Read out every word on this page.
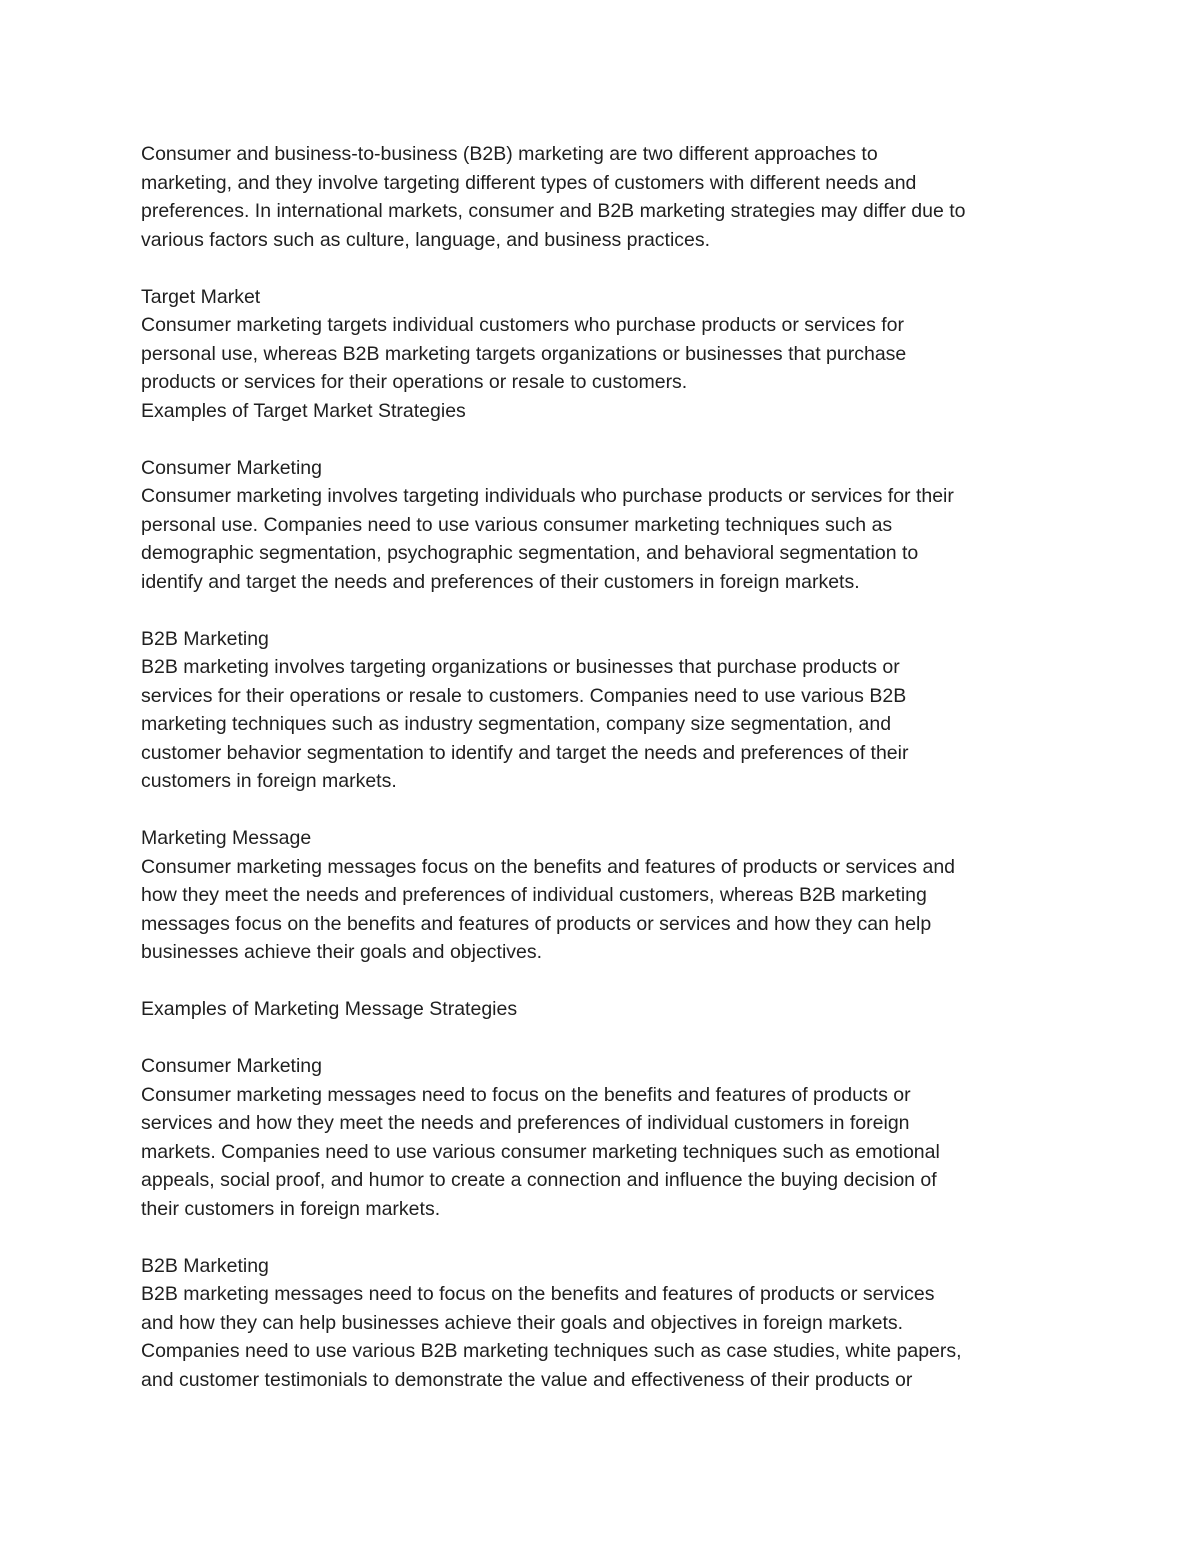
Consumer and business-to-business (B2B) marketing are two different approaches to
marketing, and they involve targeting different types of customers with different needs and
preferences. In international markets, consumer and B2B marketing strategies may differ due to
various factors such as culture, language, and business practices.
Target Market
Consumer marketing targets individual customers who purchase products or services for
personal use, whereas B2B marketing targets organizations or businesses that purchase
products or services for their operations or resale to customers.
Examples of Target Market Strategies
Consumer Marketing
Consumer marketing involves targeting individuals who purchase products or services for their
personal use. Companies need to use various consumer marketing techniques such as
demographic segmentation, psychographic segmentation, and behavioral segmentation to
identify and target the needs and preferences of their customers in foreign markets.
B2B Marketing
B2B marketing involves targeting organizations or businesses that purchase products or
services for their operations or resale to customers. Companies need to use various B2B
marketing techniques such as industry segmentation, company size segmentation, and
customer behavior segmentation to identify and target the needs and preferences of their
customers in foreign markets.
Marketing Message
Consumer marketing messages focus on the benefits and features of products or services and
how they meet the needs and preferences of individual customers, whereas B2B marketing
messages focus on the benefits and features of products or services and how they can help
businesses achieve their goals and objectives.
Examples of Marketing Message Strategies
Consumer Marketing
Consumer marketing messages need to focus on the benefits and features of products or
services and how they meet the needs and preferences of individual customers in foreign
markets. Companies need to use various consumer marketing techniques such as emotional
appeals, social proof, and humor to create a connection and influence the buying decision of
their customers in foreign markets.
B2B Marketing
B2B marketing messages need to focus on the benefits and features of products or services
and how they can help businesses achieve their goals and objectives in foreign markets.
Companies need to use various B2B marketing techniques such as case studies, white papers,
and customer testimonials to demonstrate the value and effectiveness of their products or
